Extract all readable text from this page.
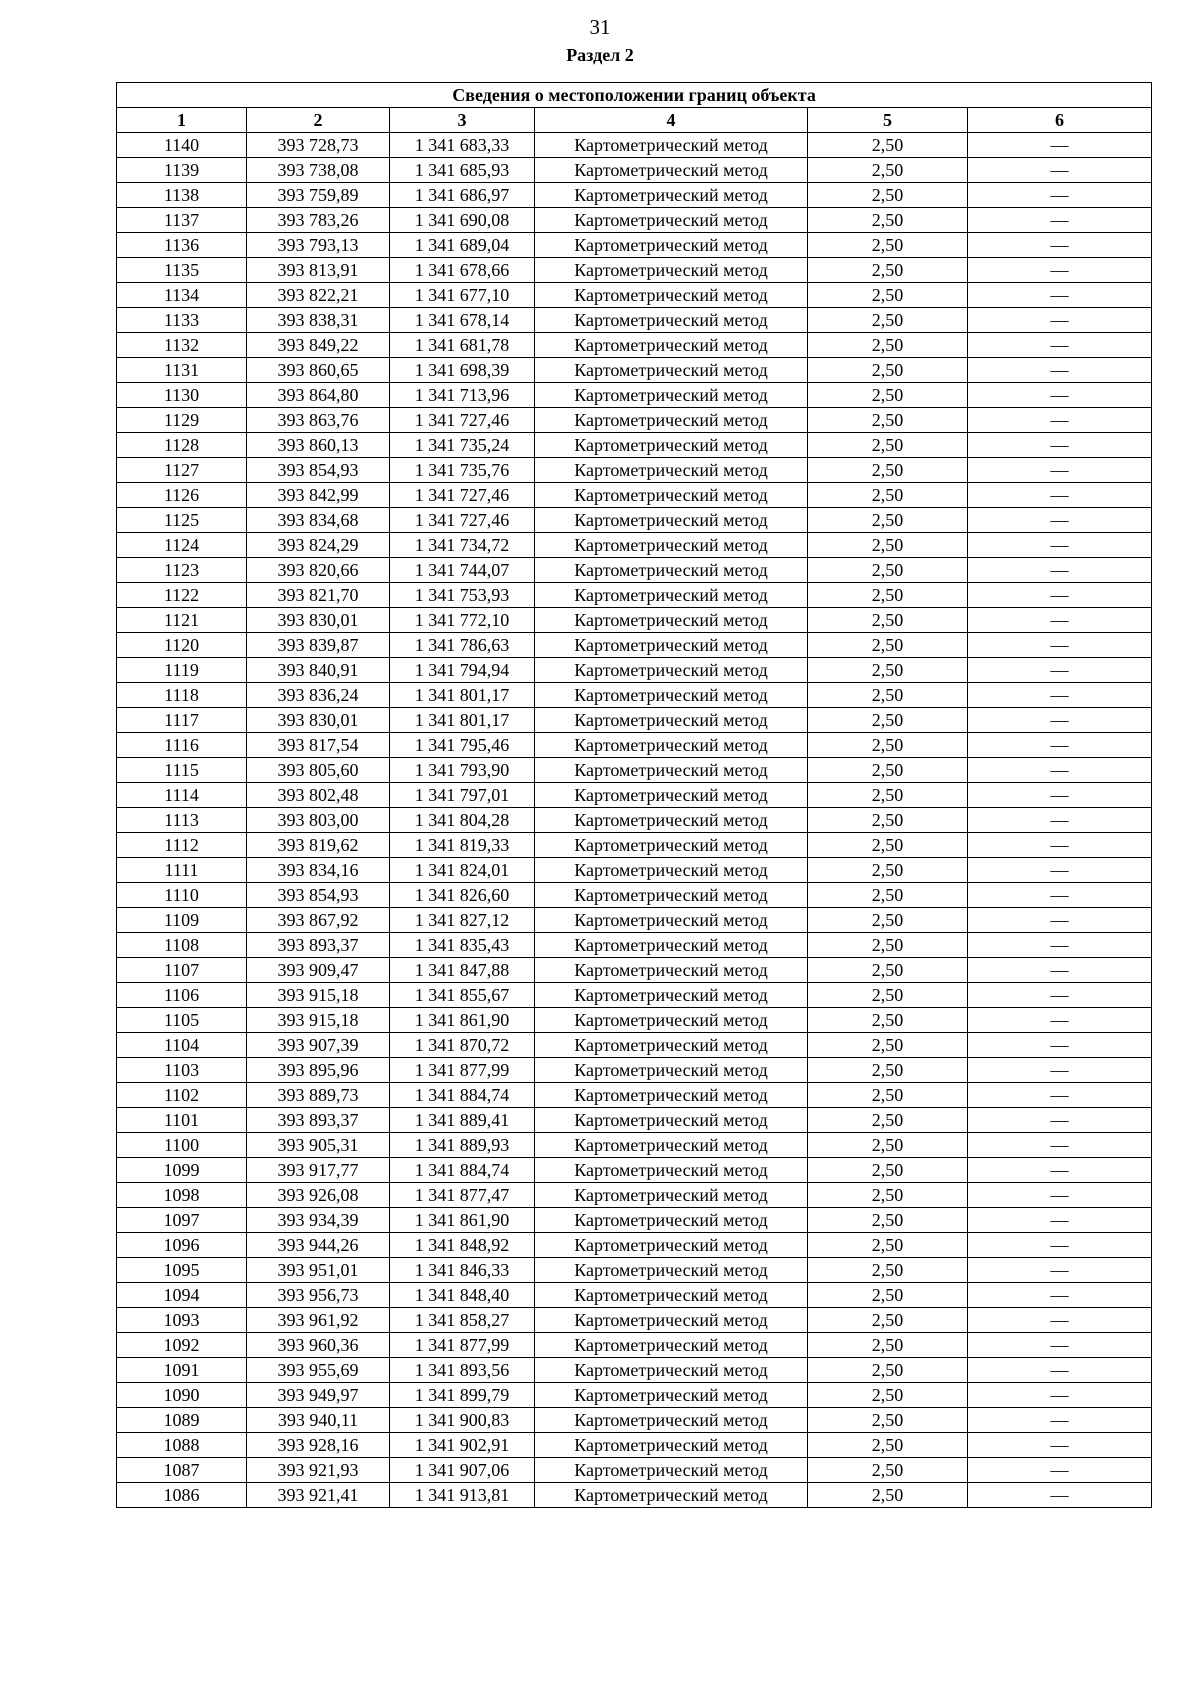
31
Раздел 2
Сведения о местоположении границ объекта					
1	2	3	4	5	6
1140	393 728,73	1 341 683,33	Картометрический метод	2,50	—
1139	393 738,08	1 341 685,93	Картометрический метод	2,50	—
1138	393 759,89	1 341 686,97	Картометрический метод	2,50	—
1137	393 783,26	1 341 690,08	Картометрический метод	2,50	—
1136	393 793,13	1 341 689,04	Картометрический метод	2,50	—
1135	393 813,91	1 341 678,66	Картометрический метод	2,50	—
1134	393 822,21	1 341 677,10	Картометрический метод	2,50	—
1133	393 838,31	1 341 678,14	Картометрический метод	2,50	—
1132	393 849,22	1 341 681,78	Картометрический метод	2,50	—
1131	393 860,65	1 341 698,39	Картометрический метод	2,50	—
1130	393 864,80	1 341 713,96	Картометрический метод	2,50	—
1129	393 863,76	1 341 727,46	Картометрический метод	2,50	—
1128	393 860,13	1 341 735,24	Картометрический метод	2,50	—
1127	393 854,93	1 341 735,76	Картометрический метод	2,50	—
1126	393 842,99	1 341 727,46	Картометрический метод	2,50	—
1125	393 834,68	1 341 727,46	Картометрический метод	2,50	—
1124	393 824,29	1 341 734,72	Картометрический метод	2,50	—
1123	393 820,66	1 341 744,07	Картометрический метод	2,50	—
1122	393 821,70	1 341 753,93	Картометрический метод	2,50	—
1121	393 830,01	1 341 772,10	Картометрический метод	2,50	—
1120	393 839,87	1 341 786,63	Картометрический метод	2,50	—
1119	393 840,91	1 341 794,94	Картометрический метод	2,50	—
1118	393 836,24	1 341 801,17	Картометрический метод	2,50	—
1117	393 830,01	1 341 801,17	Картометрический метод	2,50	—
1116	393 817,54	1 341 795,46	Картометрический метод	2,50	—
1115	393 805,60	1 341 793,90	Картометрический метод	2,50	—
1114	393 802,48	1 341 797,01	Картометрический метод	2,50	—
1113	393 803,00	1 341 804,28	Картометрический метод	2,50	—
1112	393 819,62	1 341 819,33	Картометрический метод	2,50	—
1111	393 834,16	1 341 824,01	Картометрический метод	2,50	—
1110	393 854,93	1 341 826,60	Картометрический метод	2,50	—
1109	393 867,92	1 341 827,12	Картометрический метод	2,50	—
1108	393 893,37	1 341 835,43	Картометрический метод	2,50	—
1107	393 909,47	1 341 847,88	Картометрический метод	2,50	—
1106	393 915,18	1 341 855,67	Картометрический метод	2,50	—
1105	393 915,18	1 341 861,90	Картометрический метод	2,50	—
1104	393 907,39	1 341 870,72	Картометрический метод	2,50	—
1103	393 895,96	1 341 877,99	Картометрический метод	2,50	—
1102	393 889,73	1 341 884,74	Картометрический метод	2,50	—
1101	393 893,37	1 341 889,41	Картометрический метод	2,50	—
1100	393 905,31	1 341 889,93	Картометрический метод	2,50	—
1099	393 917,77	1 341 884,74	Картометрический метод	2,50	—
1098	393 926,08	1 341 877,47	Картометрический метод	2,50	—
1097	393 934,39	1 341 861,90	Картометрический метод	2,50	—
1096	393 944,26	1 341 848,92	Картометрический метод	2,50	—
1095	393 951,01	1 341 846,33	Картометрический метод	2,50	—
1094	393 956,73	1 341 848,40	Картометрический метод	2,50	—
1093	393 961,92	1 341 858,27	Картометрический метод	2,50	—
1092	393 960,36	1 341 877,99	Картометрический метод	2,50	—
1091	393 955,69	1 341 893,56	Картометрический метод	2,50	—
1090	393 949,97	1 341 899,79	Картометрический метод	2,50	—
1089	393 940,11	1 341 900,83	Картометрический метод	2,50	—
1088	393 928,16	1 341 902,91	Картометрический метод	2,50	—
1087	393 921,93	1 341 907,06	Картометрический метод	2,50	—
1086	393 921,41	1 341 913,81	Картометрический метод	2,50	—
